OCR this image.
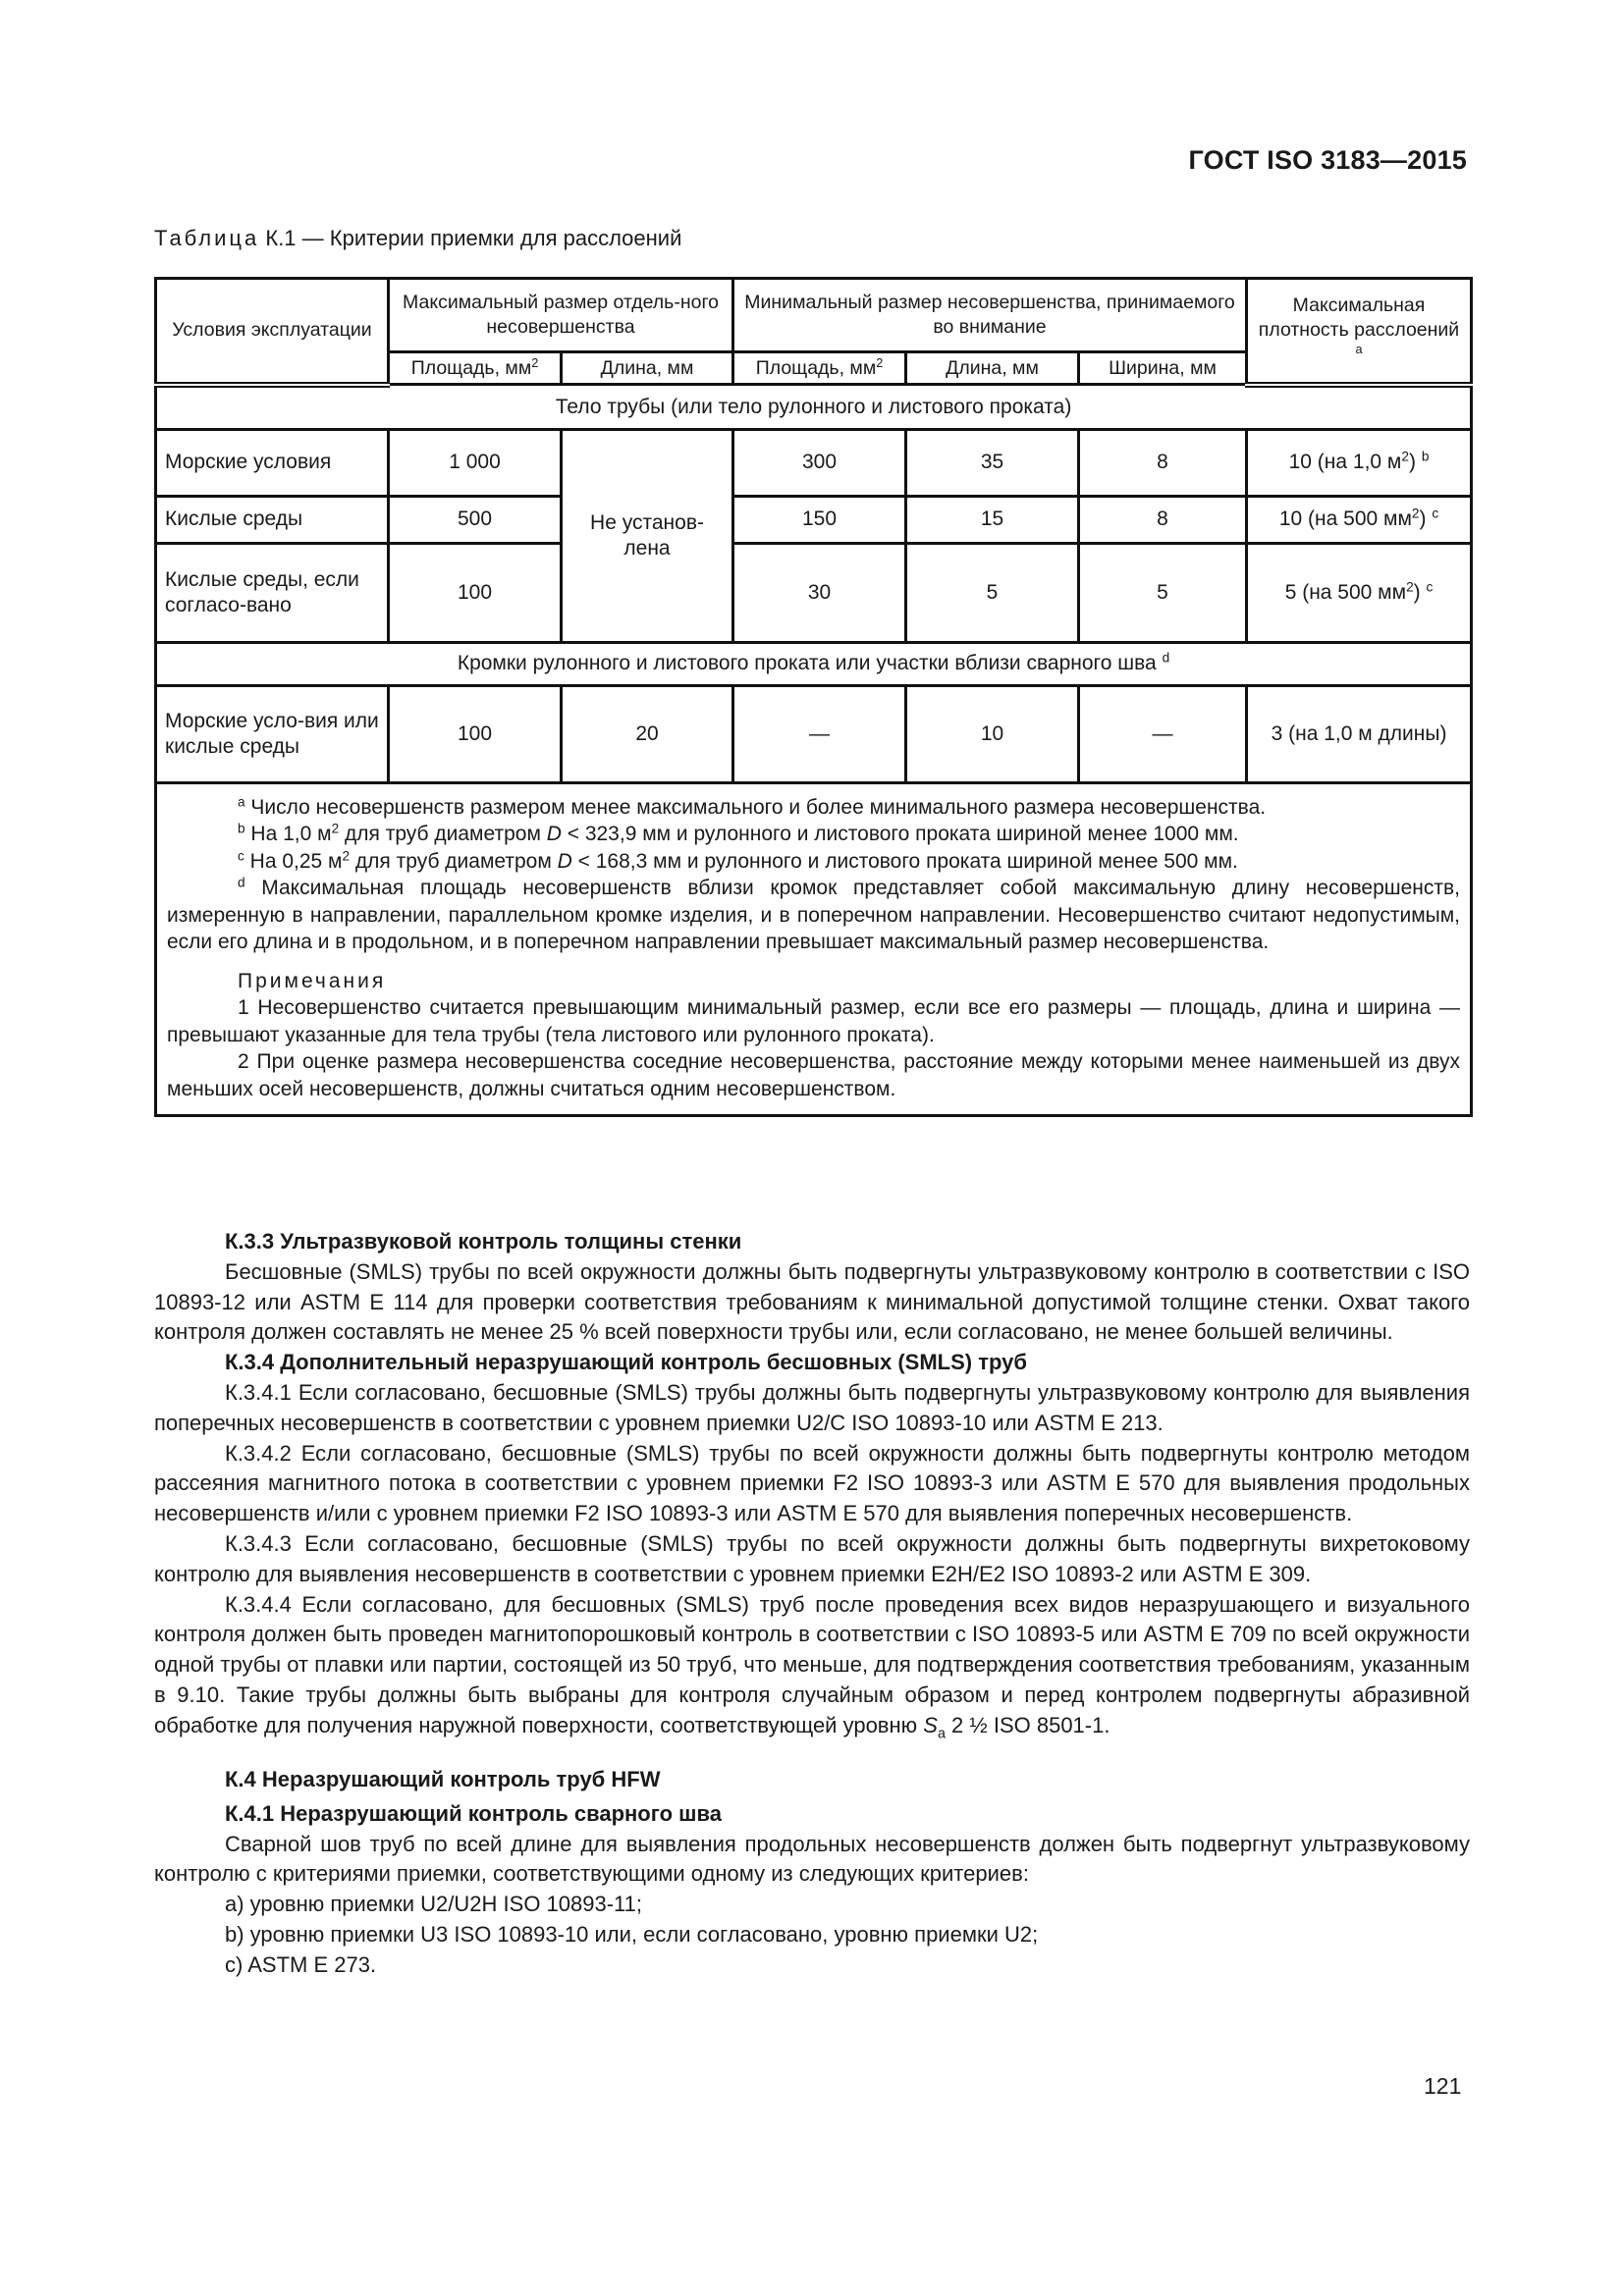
ГОСТ ISO 3183—2015
Таблица К.1 — Критерии приемки для расслоений
Условия эксплуатации	Максимальный размер отдель-ного несовершенства		Минимальный размер несовершенства, принимаемого во внимание			Максимальная плотность расслоений $^a$
	Площадь, $мм^2$	Длина, мм	Площадь, $мм^2$	Длина, мм	Ширина, мм	
Тело трубы (или тело рулонного и листового проката)						
Морские условия	1 000	Не установ-лена	300	35	8	10 (на 1,0 $м^2$) $^b$
Кислые среды	500		150	15	8	10 (на 500 $мм^2$) $^c$
Кислые среды, если согласо-вано	100		30	5	5	5 (на 500 $мм^2$) $^c$
Кромки рулонного и листового проката или участки вблизи сварного шва $^d$
Морские усло-вия или кислые среды	100	20	—	10	—	3 (на 1,0 м длины)

$^a$ Число несовершенств размером менее максимального и более минимального размера несовершенства.

$^b$ На 1,0 $м^2$ для труб диаметром D < 323,9 мм и рулонного и листового проката шириной менее 1000 мм.

$^c$ На 0,25 $м^2$ для труб диаметром D < 168,3 мм и рулонного и листового проката шириной менее 500 мм.

$^d$ Максимальная площадь несовершенств вблизи кромок представляет собой максимальную длину несовершенств, измеренную в направлении, параллельном кромке изделия, и в поперечном направлении. Несовершенство считают недопустимым, если его длина и в продольном, и в поперечном направлении превышает максимальный размер несовершенства.

Примечания

1 Несовершенство считается превышающим минимальный размер, если все его размеры — площадь, длина и ширина — превышают указанные для тела трубы (тела листового или рулонного проката).

2 При оценке размера несовершенства соседние несовершенства, расстояние между которыми менее наименьшей из двух меньших осей несовершенств, должны считаться одним несовершенством.

К.3.3 Ультразвуковой контроль толщины стенки

Бесшовные (SMLS) трубы по всей окружности должны быть подвергнуты ультразвуковому контролю в соответствии с ISO 10893-12 или ASTM E 114 для проверки соответствия требованиям к минимальной допустимой толщине стенки. Охват такого контроля должен составлять не менее 25 % всей поверхности трубы или, если согласовано, не менее большей величины.

К.3.4 Дополнительный неразрушающий контроль бесшовных (SMLS) труб

К.3.4.1 Если согласовано, бесшовные (SMLS) трубы должны быть подвергнуты ультразвуковому контролю для выявления поперечных несовершенств в соответствии с уровнем приемки U2/C ISO 10893-10 или ASTM E 213.

К.3.4.2 Если согласовано, бесшовные (SMLS) трубы по всей окружности должны быть подвергнуты контролю методом рассеяния магнитного потока в соответствии с уровнем приемки F2 ISO 10893-3 или ASTM E 570 для выявления продольных несовершенств и/или с уровнем приемки F2 ISO 10893-3 или ASTM E 570 для выявления поперечных несовершенств.

К.3.4.3 Если согласовано, бесшовные (SMLS) трубы по всей окружности должны быть подвергнуты вихретоковому контролю для выявления несовершенств в соответствии с уровнем приемки E2H/E2 ISO 10893-2 или ASTM E 309.

К.3.4.4 Если согласовано, для бесшовных (SMLS) труб после проведения всех видов неразрушающего и визуального контроля должен быть проведен магнитопорошковый контроль в соответствии с ISO 10893-5 или ASTM E 709 по всей окружности одной трубы от плавки или партии, состоящей из 50 труб, что меньше, для подтверждения соответствия требованиям, указанным в 9.10. Такие трубы должны быть выбраны для контроля случайным образом и перед контролем подвергнуты абразивной обработке для получения наружной поверхности, соответствующей уровню $S_a$ 2 ½ ISO 8501-1.

К.4 Неразрушающий контроль труб HFW
К.4.1 Неразрушающий контроль сварного шва

Сварной шов труб по всей длине для выявления продольных несовершенств должен быть подвергнут ультразвуковому контролю с критериями приемки, соответствующими одному из следующих критериев:

a) уровню приемки U2/U2H ISO 10893-11;

b) уровню приемки U3 ISO 10893-10 или, если согласовано, уровню приемки U2;

c) ASTM E 273.

121
